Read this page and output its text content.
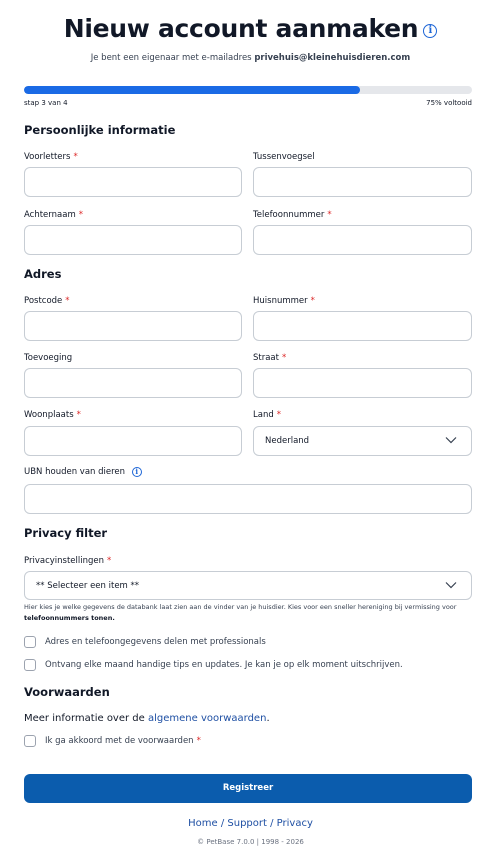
Nieuw account aanmaken	i
Je bent een eigenaar met e-mailadres privehuis@kleinehuisdieren.com
stap 3 van 4	75% voltooid
Persoonlijke informatie
Voorletters *	Tussenvoegsel
Achternaam *	Telefoonnummer *
Adres
Postcode *	Huisnummer *
Toevoeging	Straat *
Woonplaats *	Land *
Nederland
UBN houden van dieren i
Privacy filter
Privacyinstellingen *
** Selecteer een item **
Hier kies je welke gegevens de databank laat zien aan de vinder van je huisdier. Kies voor een sneller hereniging bij vermissing voor telefoonnummers tonen.
Adres en telefoongegevens delen met professionals
Ontvang elke maand handige tips en updates. Je kan je op elk moment uitschrijven.
Voorwaarden
Meer informatie over de algemene voorwaarden.
Ik ga akkoord met de voorwaarden *
Registreer
Home / Support / Privacy
© PetBase 7.0.0 | 1998 - 2026
